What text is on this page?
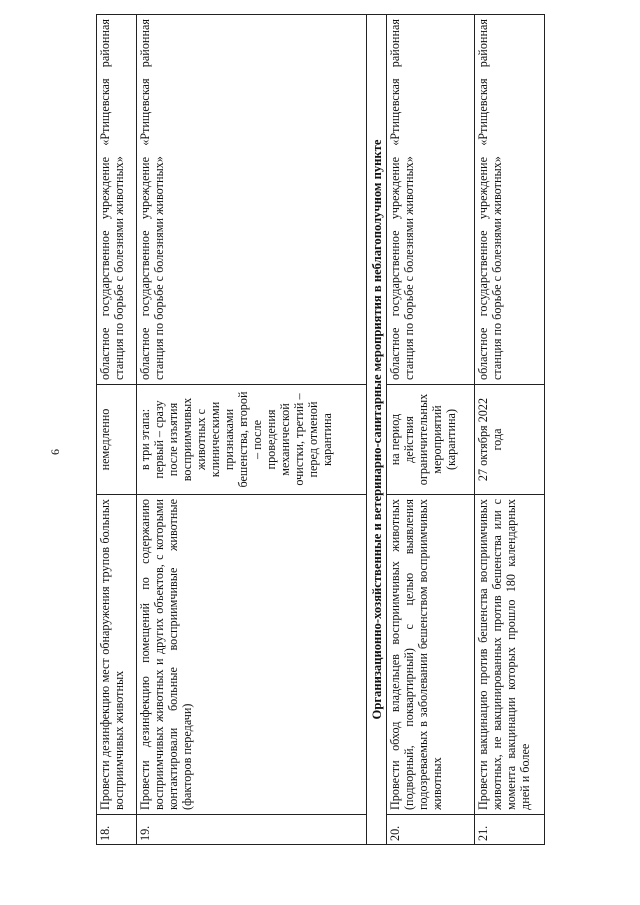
6
18.	Провести дезинфекцию мест обнаружения трупов больных восприимчивых животных	немедленно	областное государственное учреждение «Ртищевская районная станция по борьбе с болезнями животных»
19.	Провести дезинфекцию помещений по содержанию восприимчивых животных и других объектов, с которыми контактировали больные восприимчивые животные (факторов передачи)	в три этапа: первый – сразу после изъятия восприимчивых животных с клиническими признаками бешенства, второй – после проведения механической очистки, третий – перед отменой карантина	областное государственное учреждение «Ртищевская районная станция по борьбе с болезнями животных»
Организационно-хозяйственные и ветеринарно-санитарные мероприятия в неблагополучном пункте			
20.	Провести обход владельцев восприимчивых животных (подворный, поквартирный) с целью выявления подозреваемых в заболевании бешенством восприимчивых животных	на период действия ограничительных мероприятий (карантина)	областное государственное учреждение «Ртищевская районная станция по борьбе с болезнями животных»
21.	Провести вакцинацию против бешенства восприимчивых животных, не вакцинированных против бешенства или с момента вакцинации которых прошло 180 календарных дней и более	27 октября 2022 года	областное государственное учреждение «Ртищевская районная станция по борьбе с болезнями животных»
